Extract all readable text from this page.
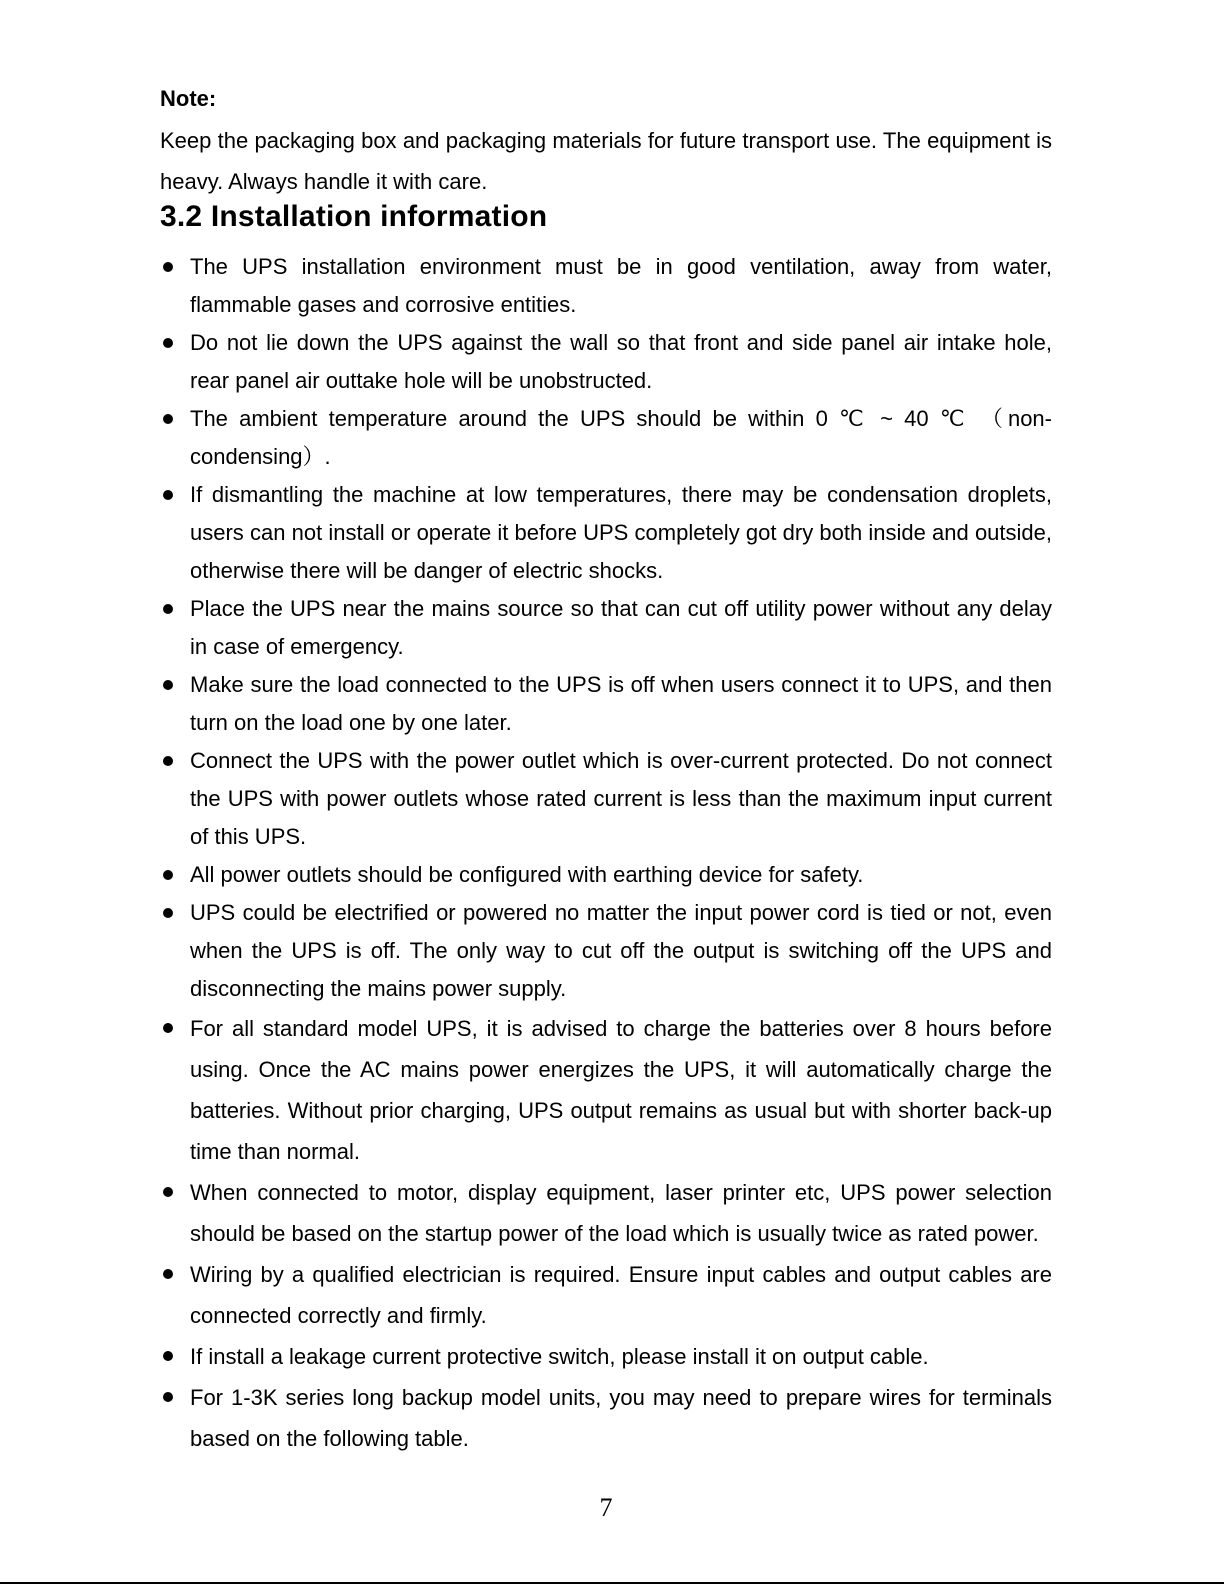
Note:
Keep the packaging box and packaging materials for future transport use. The equipment is heavy. Always handle it with care.
3.2 Installation information
The UPS installation environment must be in good ventilation, away from water, flammable gases and corrosive entities.
Do not lie down the UPS against the wall so that front and side panel air intake hole, rear panel air outtake hole will be unobstructed.
The ambient temperature around the UPS should be within 0 ℃ ~ 40 ℃ （non-condensing）.
If dismantling the machine at low temperatures, there may be condensation droplets, users can not install or operate it before UPS completely got dry both inside and outside, otherwise there will be danger of electric shocks.
Place the UPS near the mains source so that can cut off utility power without any delay in case of emergency.
Make sure the load connected to the UPS is off when users connect it to UPS, and then turn on the load one by one later.
Connect the UPS with the power outlet which is over-current protected. Do not connect the UPS with power outlets whose rated current is less than the maximum input current of this UPS.
All power outlets should be configured with earthing device for safety.
UPS could be electrified or powered no matter the input power cord is tied or not, even when the UPS is off. The only way to cut off the output is switching off the UPS and disconnecting the mains power supply.
For all standard model UPS, it is advised to charge the batteries over 8 hours before using. Once the AC mains power energizes the UPS, it will automatically charge the batteries. Without prior charging, UPS output remains as usual but with shorter back-up time than normal.
When connected to motor, display equipment, laser printer etc, UPS power selection should be based on the startup power of the load which is usually twice as rated power.
Wiring by a qualified electrician is required. Ensure input cables and output cables are connected correctly and firmly.
If install a leakage current protective switch, please install it on output cable.
For 1-3K series long backup model units, you may need to prepare wires for terminals based on the following table.
7
